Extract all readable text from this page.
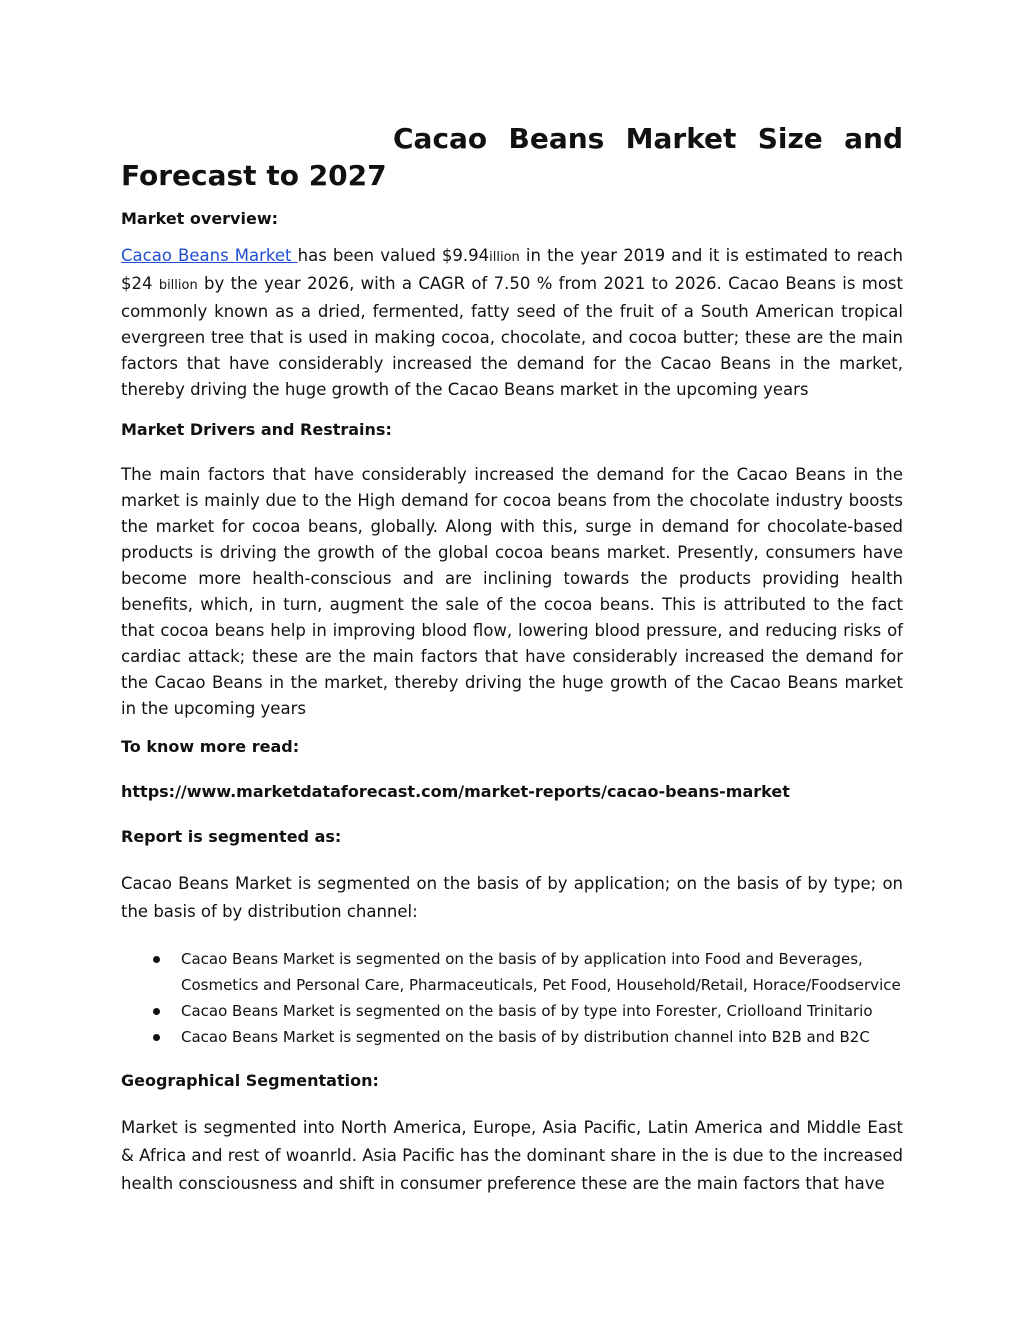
Cacao Beans Market Size and
Forecast to 2027

Market overview:

Cacao Beans Market has been valued $9.94illion in the year 2019 and it is estimated to reach $24 billion by the year 2026, with a CAGR of 7.50 % from 2021 to 2026. Cacao Beans is most commonly known as a dried, fermented, fatty seed of the fruit of a South American tropical evergreen tree that is used in making cocoa, chocolate, and cocoa butter; these are the main factors that have considerably increased the demand for the Cacao Beans in the market, thereby driving the huge growth of the Cacao Beans market in the upcoming years

Market Drivers and Restrains:

The main factors that have considerably increased the demand for the Cacao Beans in the market is mainly due to the High demand for cocoa beans from the chocolate industry boosts the market for cocoa beans, globally. Along with this, surge in demand for chocolate-based products is driving the growth of the global cocoa beans market. Presently, consumers have become more health-conscious and are inclining towards the products providing health benefits, which, in turn, augment the sale of the cocoa beans. This is attributed to the fact that cocoa beans help in improving blood flow, lowering blood pressure, and reducing risks of cardiac attack; these are the main factors that have considerably increased the demand for the Cacao Beans in the market, thereby driving the huge growth of the Cacao Beans market in the upcoming years

To know more read:

https://www.marketdataforecast.com/market-reports/cacao-beans-market

Report is segmented as:

Cacao Beans Market is segmented on the basis of by application; on the basis of by type; on the basis of by distribution channel:

Cacao Beans Market is segmented on the basis of by application into Food and Beverages, Cosmetics and Personal Care, Pharmaceuticals, Pet Food, Household/Retail, Horace/Foodservice
Cacao Beans Market is segmented on the basis of by type into Forester, Criolloand Trinitario
Cacao Beans Market is segmented on the basis of by distribution channel into B2B and B2C

Geographical Segmentation:

Market is segmented into North America, Europe, Asia Pacific, Latin America and Middle East & Africa and rest of woanrld. Asia Pacific has the dominant share in the is due to the increased health consciousness and shift in consumer preference these are the main factors that have
